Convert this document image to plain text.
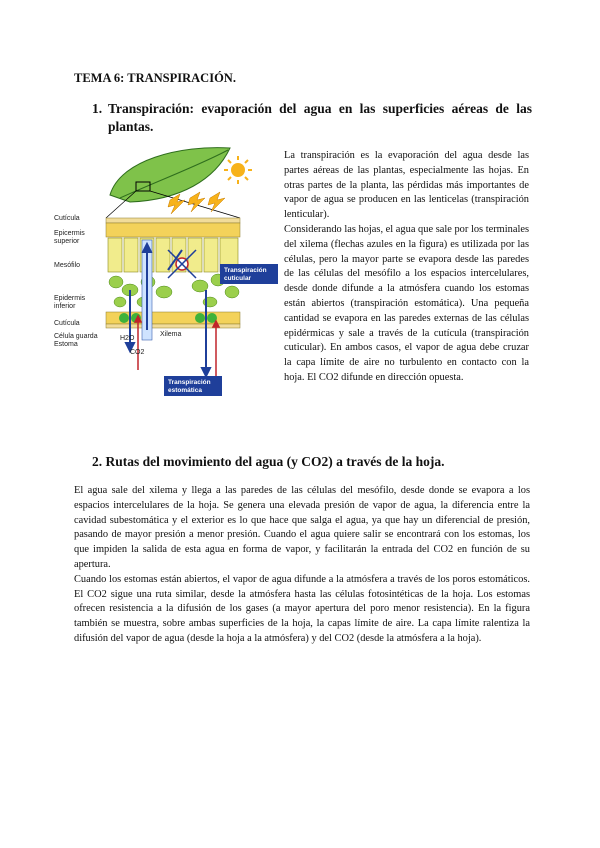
TEMA 6: TRANSPIRACIÓN.
1. Transpiración: evaporación del agua en las superficies aéreas de las plantas.
Cutícula
Epicermis
superior
Mesófilo
Epidermis
inferior
Cutícula
Célula guarda
Estoma
H2O
CO2
Xilema
Transpiración
cuticular
Transpiración
estomática

La transpiración es la evaporación del agua desde las partes aéreas de las plantas, especialmente las hojas. En otras partes de la planta, las pérdidas más importantes de vapor de agua se producen en las lenticelas (transpiración lenticular).

Considerando las hojas, el agua que sale por los terminales del xilema (flechas azules en la figura) es utilizada por las células, pero la mayor parte se evapora desde las paredes de las células del mesófilo a los espacios intercelulares, desde donde difunde a la atmósfera cuando los estomas están abiertos (transpiración estomática). Una pequeña cantidad se evapora en las paredes externas de las células epidérmicas y sale a través de la cutícula (transpiración cuticular). En ambos casos, el vapor de agua debe cruzar la capa límite de aire no turbulento en contacto con la hoja. El CO2 difunde en dirección opuesta.

2. Rutas del movimiento del agua (y CO2) a través de la hoja.

El agua sale del xilema y llega a las paredes de las células del mesófilo, desde donde se evapora a los espacios intercelulares de la hoja. Se genera una elevada presión de vapor de agua, la diferencia entre la cavidad subestomática y el exterior es lo que hace que salga el agua, ya que hay un diferencial de presión, pasando de mayor presión a menor presión. Cuando el agua quiere salir se encontrará con los estomas, los que impiden la salida de esta agua en forma de vapor, y facilitarán la entrada del CO2 en función de su apertura.

Cuando los estomas están abiertos, el vapor de agua difunde a la atmósfera a través de los poros estomáticos. El CO2 sigue una ruta similar, desde la atmósfera hasta las células fotosintéticas de la hoja. Los estomas ofrecen resistencia a la difusión de los gases (a mayor apertura del poro menor resistencia). En la figura también se muestra, sobre ambas superficies de la hoja, la capas límite de aire. La capa límite ralentiza la difusión del vapor de agua (desde la hoja a la atmósfera) y del CO2 (desde la atmósfera a la hoja).
